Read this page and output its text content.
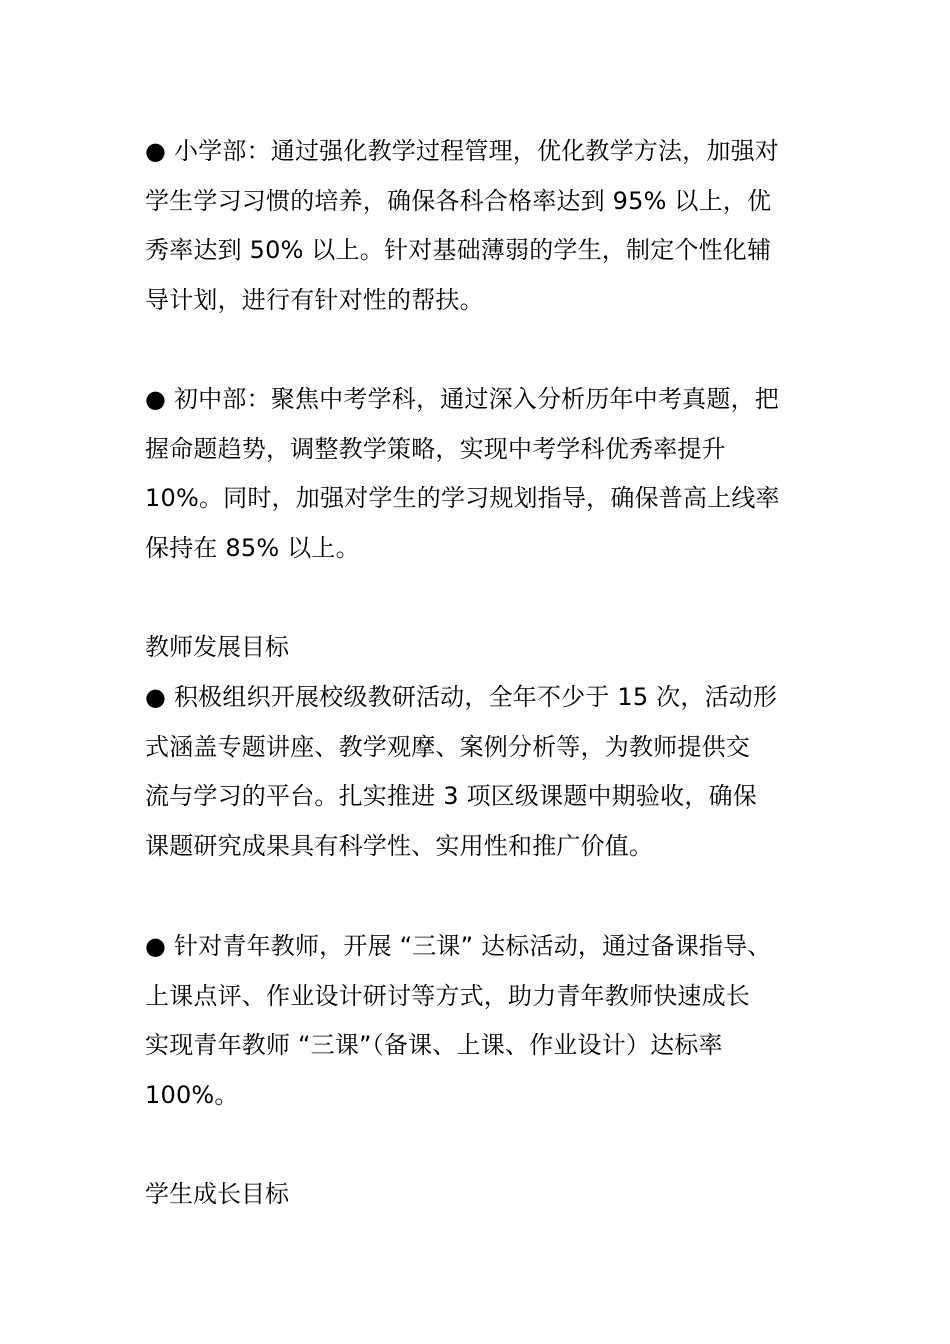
● 小学部：通过强化教学过程管理，优化教学方法，加强对
学生学习习惯的培养，确保各科合格率达到 95% 以上，优
秀率达到 50% 以上。针对基础薄弱的学生，制定个性化辅
导计划，进行有针对性的帮扶。
● 初中部：聚焦中考学科，通过深入分析历年中考真题，把
握命题趋势，调整教学策略，实现中考学科优秀率提升
10%。同时，加强对学生的学习规划指导，确保普高上线率
保持在 85% 以上。
教师发展目标
● 积极组织开展校级教研活动，全年不少于 15 次，活动形
式涵盖专题讲座、教学观摩、案例分析等，为教师提供交
流与学习的平台。扎实推进 3 项区级课题中期验收，确保
课题研究成果具有科学性、实用性和推广价值。
● 针对青年教师，开展 “三课” 达标活动，通过备课指导、
上课点评、作业设计研讨等方式，助力青年教师快速成长
实现青年教师 “三课”（备课、上课、作业设计）达标率
100%。
学生成长目标
